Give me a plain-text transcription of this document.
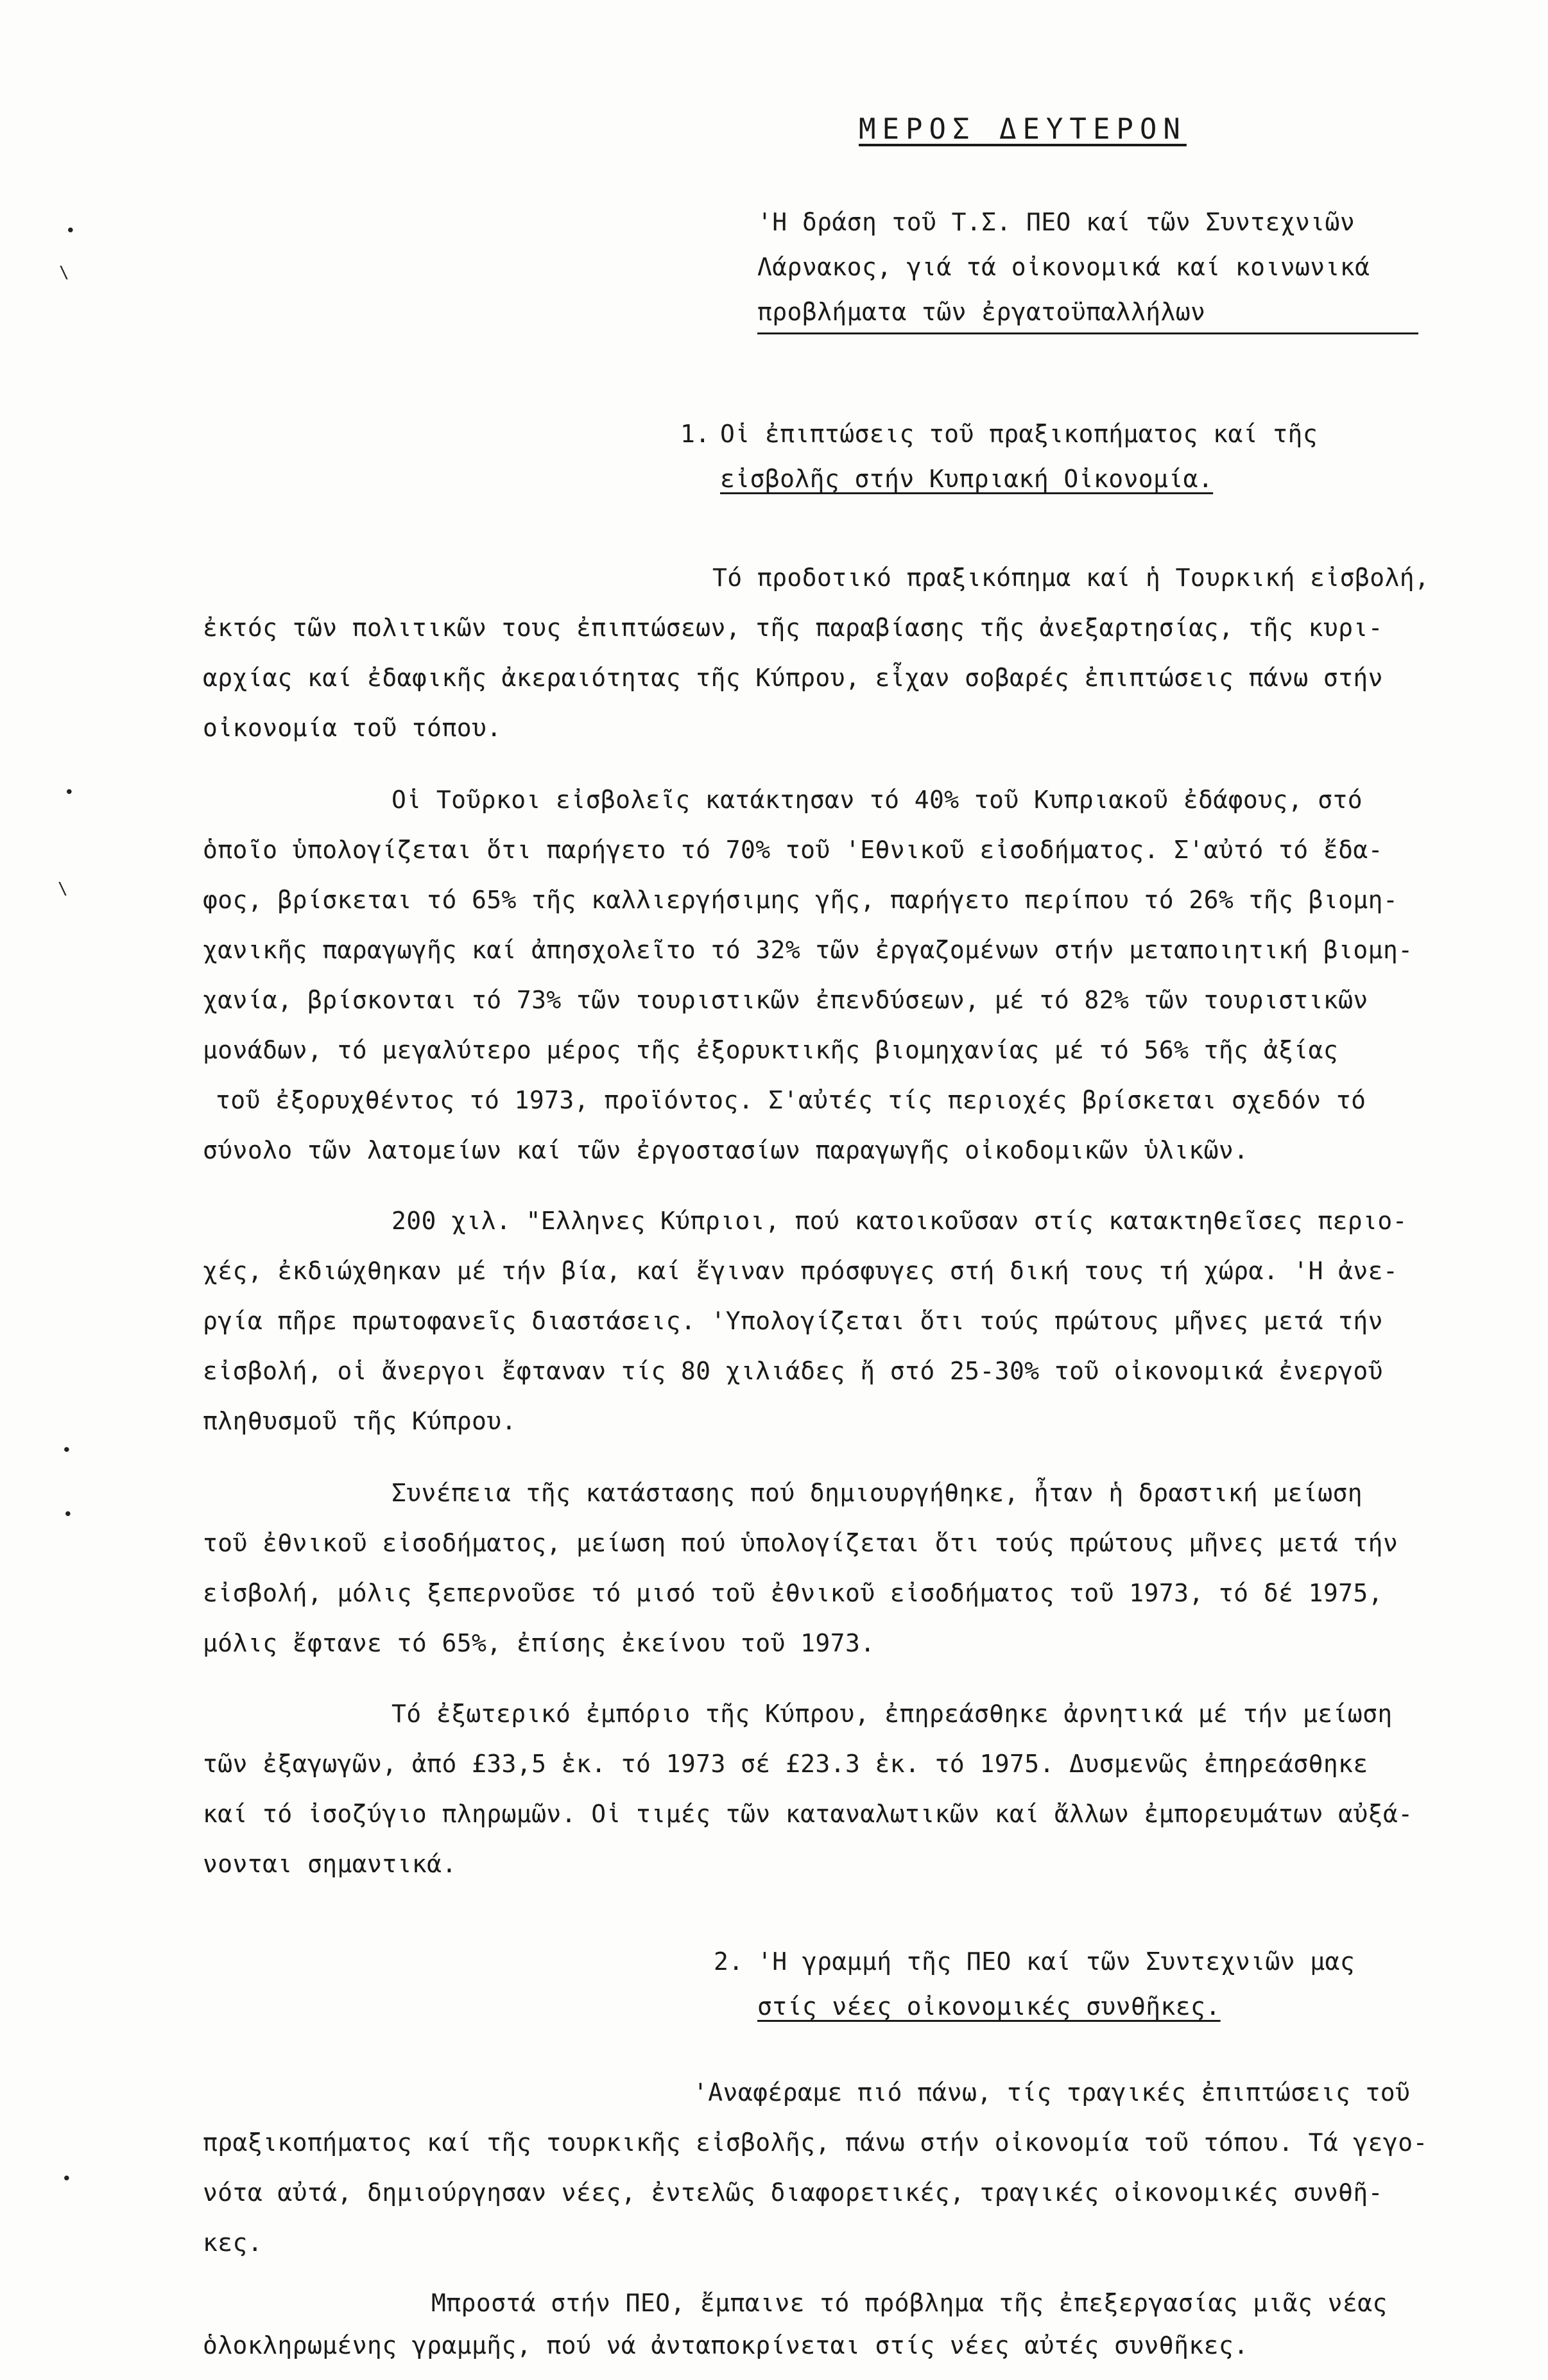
•
\
•
\
•
•
•
ΜΕΡΟΣ ΔΕΥΤΕΡΟΝ
'Η δράση τοῦ Τ.Σ. ΠΕΟ καί τῶν Συντεχνιῶν
Λάρνακος, γιά τά οἰκονομικά καί κοινωνικά
προβλήματα τῶν ἐργατοϋπαλλήλων
1. Οἱ ἐπιπτώσεις τοῦ πραξικοπήματος καί τῆς
εἰσβολῆς στήν Κυπριακή Οἰκονομία.
Τό προδοτικό πραξικόπημα καί ἡ Τουρκική εἰσβολή,
ἐκτός τῶν πολιτικῶν τους ἐπιπτώσεων, τῆς παραβίασης τῆς ἀνεξαρτησίας, τῆς κυρι-
αρχίας καί ἐδαφικῆς ἀκεραιότητας τῆς Κύπρου, εἶχαν σοβαρές ἐπιπτώσεις πάνω στήν
οἰκονομία τοῦ τόπου.
Οἱ Τοῦρκοι εἰσβολεῖς κατάκτησαν τό 40% τοῦ Κυπριακοῦ ἐδάφους, στό
ὁποῖο ὑπολογίζεται ὅτι παρήγετο τό 70% τοῦ 'Εθνικοῦ εἰσοδήματος. Σ'αὐτό τό ἔδα-
φος, βρίσκεται τό 65% τῆς καλλιεργήσιμης γῆς, παρήγετο περίπου τό 26% τῆς βιομη-
χανικῆς παραγωγῆς καί ἀπησχολεῖτο τό 32% τῶν ἐργαζομένων στήν μεταποιητική βιομη-
χανία, βρίσκονται τό 73% τῶν τουριστικῶν ἐπενδύσεων, μέ τό 82% τῶν τουριστικῶν
μονάδων, τό μεγαλύτερο μέρος τῆς ἐξορυκτικῆς βιομηχανίας μέ τό 56% τῆς ἀξίας
τοῦ ἐξορυχθέντος τό 1973, προϊόντος. Σ'αὐτές τίς περιοχές βρίσκεται σχεδόν τό
σύνολο τῶν λατομείων καί τῶν ἐργοστασίων παραγωγῆς οἰκοδομικῶν ὑλικῶν.
200 χιλ. "Ελληνες Κύπριοι, πού κατοικοῦσαν στίς κατακτηθεῖσες περιο-
χές, ἐκδιώχθηκαν μέ τήν βία, καί ἔγιναν πρόσφυγες στή δική τους τή χώρα. 'Η ἀνε-
ργία πῆρε πρωτοφανεῖς διαστάσεις. 'Υπολογίζεται ὅτι τούς πρώτους μῆνες μετά τήν
εἰσβολή, οἱ ἄνεργοι ἔφταναν τίς 80 χιλιάδες ἤ στό 25-30% τοῦ οἰκονομικά ἐνεργοῦ
πληθυσμοῦ τῆς Κύπρου.
Συνέπεια τῆς κατάστασης πού δημιουργήθηκε, ἦταν ἡ δραστική μείωση
τοῦ ἐθνικοῦ εἰσοδήματος, μείωση πού ὑπολογίζεται ὅτι τούς πρώτους μῆνες μετά τήν
εἰσβολή, μόλις ξεπερνοῦσε τό μισό τοῦ ἐθνικοῦ εἰσοδήματος τοῦ 1973, τό δέ 1975,
μόλις ἔφτανε τό 65%, ἐπίσης ἐκείνου τοῦ 1973.
Τό ἐξωτερικό ἐμπόριο τῆς Κύπρου, ἐπηρεάσθηκε ἀρνητικά μέ τήν μείωση
τῶν ἐξαγωγῶν, ἀπό £33,5 ἑκ. τό 1973 σέ £23.3 ἑκ. τό 1975. Δυσμενῶς ἐπηρεάσθηκε
καί τό ἰσοζύγιο πληρωμῶν. Οἱ τιμές τῶν καταναλωτικῶν καί ἄλλων ἐμπορευμάτων αὐξά-
νονται σημαντικά.
2. 'Η γραμμή τῆς ΠΕΟ καί τῶν Συντεχνιῶν μας
στίς νέες οἰκονομικές συνθῆκες.
'Αναφέραμε πιό πάνω, τίς τραγικές ἐπιπτώσεις τοῦ
πραξικοπήματος καί τῆς τουρκικῆς εἰσβολῆς, πάνω στήν οἰκονομία τοῦ τόπου. Τά γεγο-
νότα αὐτά, δημιούργησαν νέες, ἐντελῶς διαφορετικές, τραγικές οἰκονομικές συνθῆ-
κες.
Μπροστά στήν ΠΕΟ, ἔμπαινε τό πρόβλημα τῆς ἐπεξεργασίας μιᾶς νέας
ὁλοκληρωμένης γραμμῆς, πού νά ἀνταποκρίνεται στίς νέες αὐτές συνθῆκες.
